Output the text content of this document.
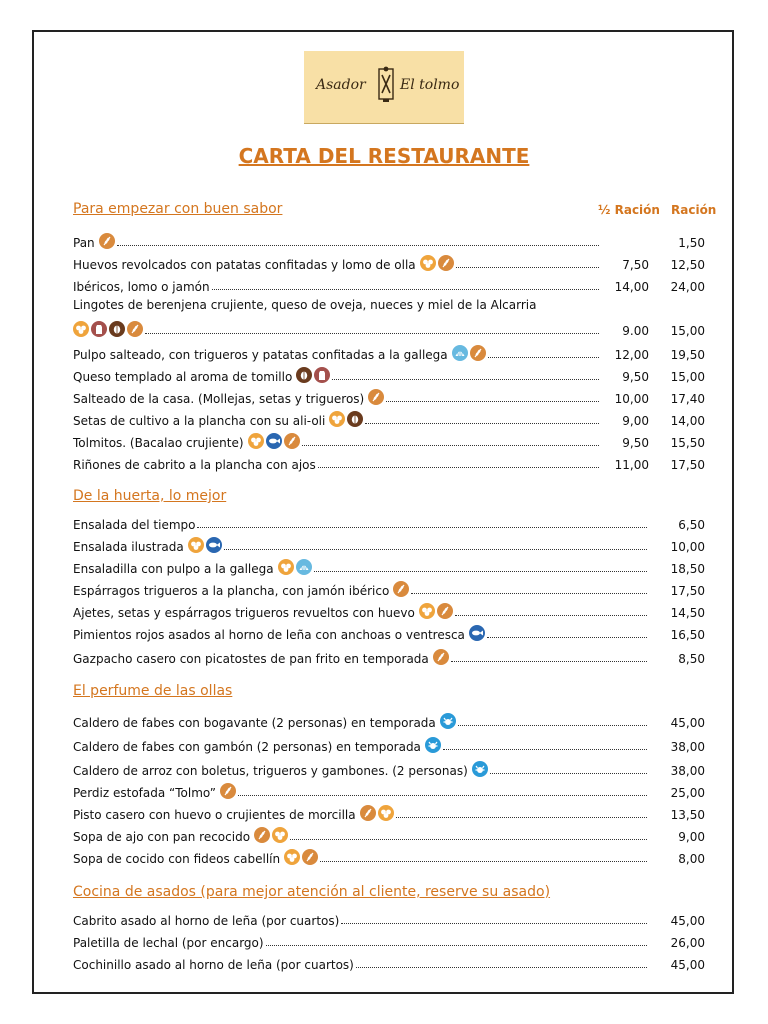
Asador El tolmo
CARTA DEL RESTAURANTE
Para empezar con buen sabor	½ Ración Ración
De la huerta, lo mejor
El perfume de las ollas
Cocina de asados (para mejor atención al cliente, reserve su asado)
Pan	1,50
Huevos revolcados con patatas confitadas y lomo de olla	7,50	12,50
Ibéricos, lomo o jamón	14,00	24,00
Lingotes de berenjena crujiente, queso de oveja, nueces y miel de la Alcarria
9.00	15,00
Pulpo salteado, con trigueros y patatas confitadas a la gallega	12,00	19,50
Queso templado al aroma de tomillo	9,50	15,00
Salteado de la casa. (Mollejas, setas y trigueros)	10,00	17,40
Setas de cultivo a la plancha con su ali-oli	9,00	14,00
Tolmitos. (Bacalao crujiente)	9,50	15,50
Riñones de cabrito a la plancha con ajos	11,00	17,50
Ensalada del tiempo	6,50
Ensalada ilustrada	10,00
Ensaladilla con pulpo a la gallega	18,50
Espárragos trigueros a la plancha, con jamón ibérico	17,50
Ajetes, setas y espárragos trigueros revueltos con huevo	14,50
Pimientos rojos asados al horno de leña con anchoas o ventresca	16,50
Gazpacho casero con picatostes de pan frito en temporada	8,50
Caldero de fabes con bogavante (2 personas) en temporada	45,00
Caldero de fabes con gambón (2 personas) en temporada	38,00
Caldero de arroz con boletus, trigueros y gambones. (2 personas)	38,00
Perdiz estofada “Tolmo”	25,00
Pisto casero con huevo o crujientes de morcilla	13,50
Sopa de ajo con pan recocido	9,00
Sopa de cocido con fideos cabellín	8,00
Cabrito asado al horno de leña (por cuartos)	45,00
Paletilla de lechal (por encargo)	26,00
Cochinillo asado al horno de leña (por cuartos)	45,00
